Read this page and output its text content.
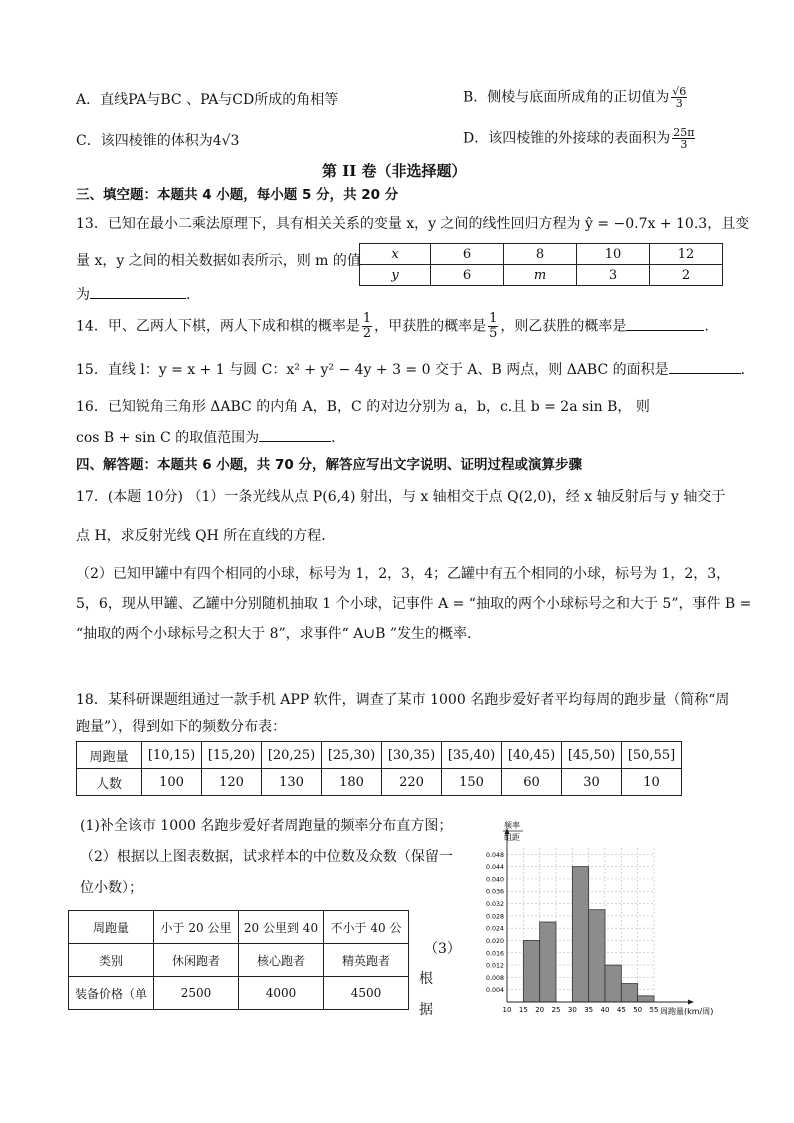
A．直线PA与BC 、PA与CD所成的角相等	B．侧棱与底面所成角的正切值为 $\frac{√6}{3}$
C．该四棱锥的体积为4√3	D．该四棱锥的外接球的表面积为 $\frac{25\pi}{3}$
第 II 卷（非选择题）
三、填空题：本题共 4 小题，每小题 5 分，共 20 分
13．已知在最小二乘法原理下，具有相关关系的变量 x，y 之间的线性回归方程为 ŷ = −0.7x + 10.3，且变
量 x，y 之间的相关数据如表所示，则 m 的值
为	.
x	6	8	10	12
y	6	m	3	2
14．甲、乙两人下棋，两人下成和棋的概率是 $\frac{1}{2}$ ，甲获胜的概率是 $\frac{1}{5}$ ，则乙获胜的概率是	.
15．直线 l：y = x + 1 与圆 C：x² + y² − 4y + 3 = 0 交于 A、B 两点，则 ΔABC 的面积是	.
16．已知锐角三角形 ΔABC 的内角 A，B，C 的对边分别为 a，b，c.且 b = 2a sin B， 则
cos B + sin C 的取值范围为	.
四、解答题：本题共 6 小题，共 70 分，解答应写出文字说明、证明过程或演算步骤
17．(本题 10分) （1）一条光线从点 P(6,4) 射出，与 x 轴相交于点 Q(2,0)，经 x 轴反射后与 y 轴交于
点 H，求反射光线 QH 所在直线的方程．
（2）已知甲罐中有四个相同的小球，标号为 1，2，3，4；乙罐中有五个相同的小球，标号为 1，2，3，
5，6，现从甲罐、乙罐中分别随机抽取 1 个小球，记事件 A = “抽取的两个小球标号之和大于 5”，事件 B =
“抽取的两个小球标号之积大于 8”，求事件“ A∪B ”发生的概率.
18．某科研课题组通过一款手机 APP 软件，调查了某市 1000 名跑步爱好者平均每周的跑步量（简称“周
跑量”），得到如下的频数分布表：
周跑量	[10,15)	[15,20)	[20,25)	[25,30)	[30,35)	[35,40)	[40,45)	[45,50)	[50,55]
人数	100	120	130	180	220	150	60	30	10
(1)补全该市 1000 名跑步爱好者周跑量的频率分布直方图；
（2）根据以上图表数据，试求样本的中位数及众数（保留一
位小数）；
周跑量	小于 20 公里	20 公里到 40	不小于 40 公
类别	休闲跑者	核心跑者	精英跑者
装备价格（单	2500	4000	4500
（3）
根
据
0.004
0.008
0.012
0.016
0.020
0.024
0.028
0.032
0.036
0.040
0.044
0.048
10 15 20 25 30 35 40 45 50 55
频率
组距
周跑量(km/周)
